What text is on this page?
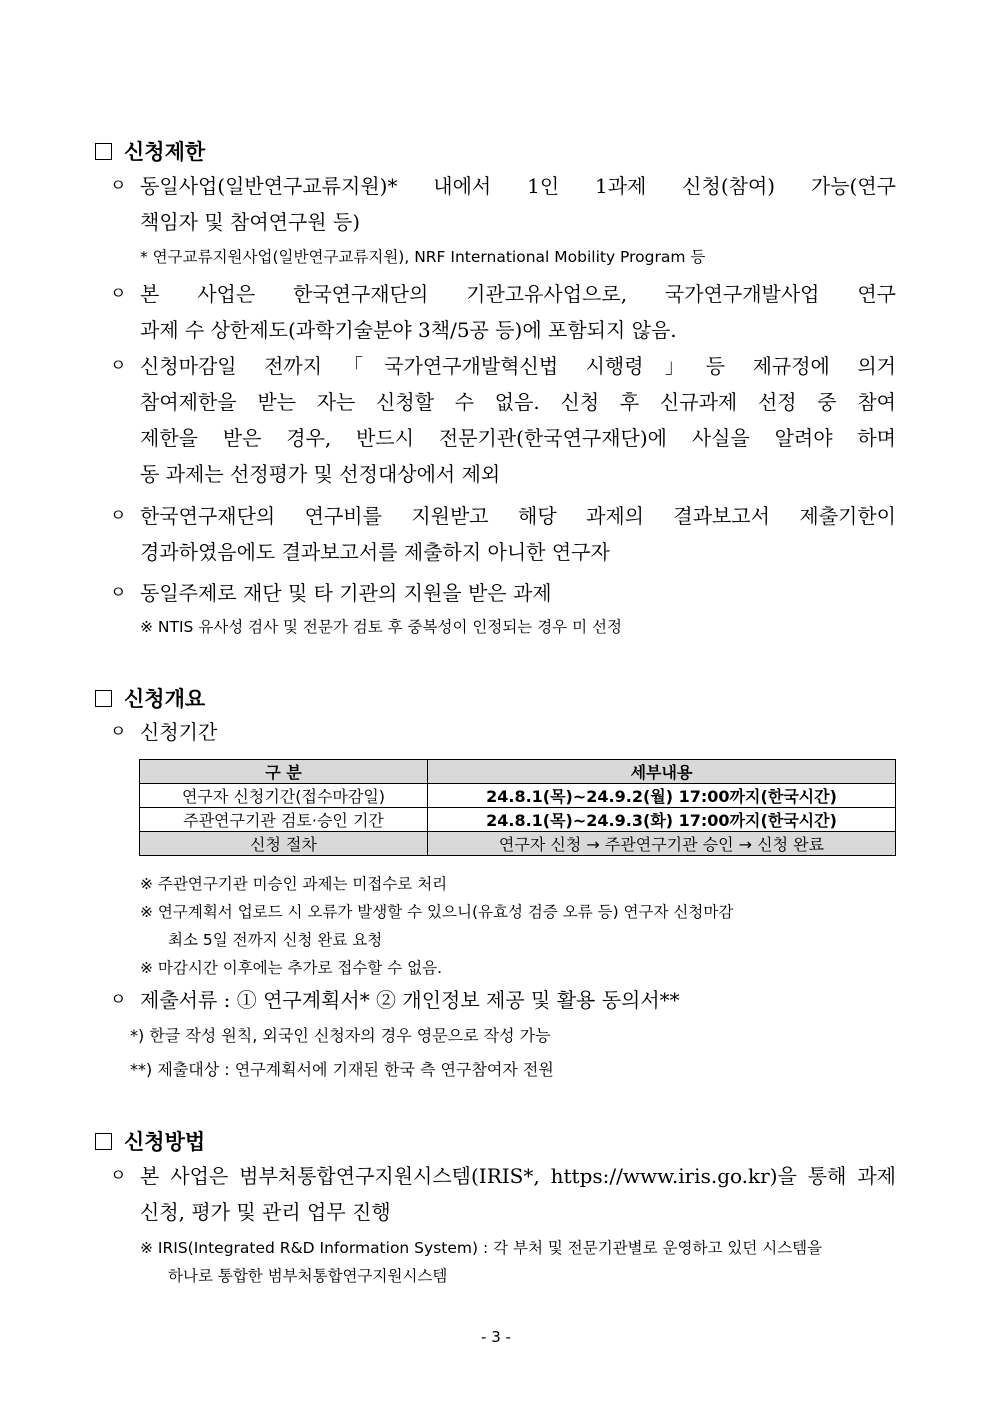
신청제한
ㅇ 동일사업(일반연구교류지원)* 내에서 1인 1과제 신청(참여) 가능(연구
책임자 및 참여연구원 등)
* 연구교류지원사업(일반연구교류지원), NRF International Mobility Program 등
ㅇ 본 사업은 한국연구재단의 기관고유사업으로, 국가연구개발사업 연구
과제 수 상한제도(과학기술분야 3책/5공 등)에 포함되지 않음.
ㅇ 신청마감일 전까지「국가연구개발혁신법 시행령」등 제규정에 의거
참여제한을 받는 자는 신청할 수 없음. 신청 후 신규과제 선정 중 참여
제한을 받은 경우, 반드시 전문기관(한국연구재단)에 사실을 알려야 하며
동 과제는 선정평가 및 선정대상에서 제외
ㅇ 한국연구재단의 연구비를 지원받고 해당 과제의 결과보고서 제출기한이
경과하였음에도 결과보고서를 제출하지 아니한 연구자
ㅇ 동일주제로 재단 및 타 기관의 지원을 받은 과제
※ NTIS 유사성 검사 및 전문가 검토 후 중복성이 인정되는 경우 미 선정
신청개요
ㅇ 신청기간
구 분	세부내용
연구자 신청기간(접수마감일)	24.8.1(목)~24.9.2(월) 17:00까지(한국시간)
주관연구기관 검토·승인 기간	24.8.1(목)~24.9.3(화) 17:00까지(한국시간)
신청 절차	연구자 신청 → 주관연구기관 승인 → 신청 완료
※ 주관연구기관 미승인 과제는 미접수로 처리
※ 연구계획서 업로드 시 오류가 발생할 수 있으니(유효성 검증 오류 등) 연구자 신청마감
최소 5일 전까지 신청 완료 요청
※ 마감시간 이후에는 추가로 접수할 수 없음.
ㅇ 제출서류 : ① 연구계획서* ② 개인정보 제공 및 활용 동의서**
*) 한글 작성 원칙, 외국인 신청자의 경우 영문으로 작성 가능
**) 제출대상 : 연구계획서에 기재된 한국 측 연구참여자 전원
신청방법
ㅇ 본 사업은 범부처통합연구지원시스템(IRIS*, https://www.iris.go.kr)을 통해 과제
신청, 평가 및 관리 업무 진행
※ IRIS(Integrated R&D Information System) : 각 부처 및 전문기관별로 운영하고 있던 시스템을
하나로 통합한 범부처통합연구지원시스템
- 3 -
